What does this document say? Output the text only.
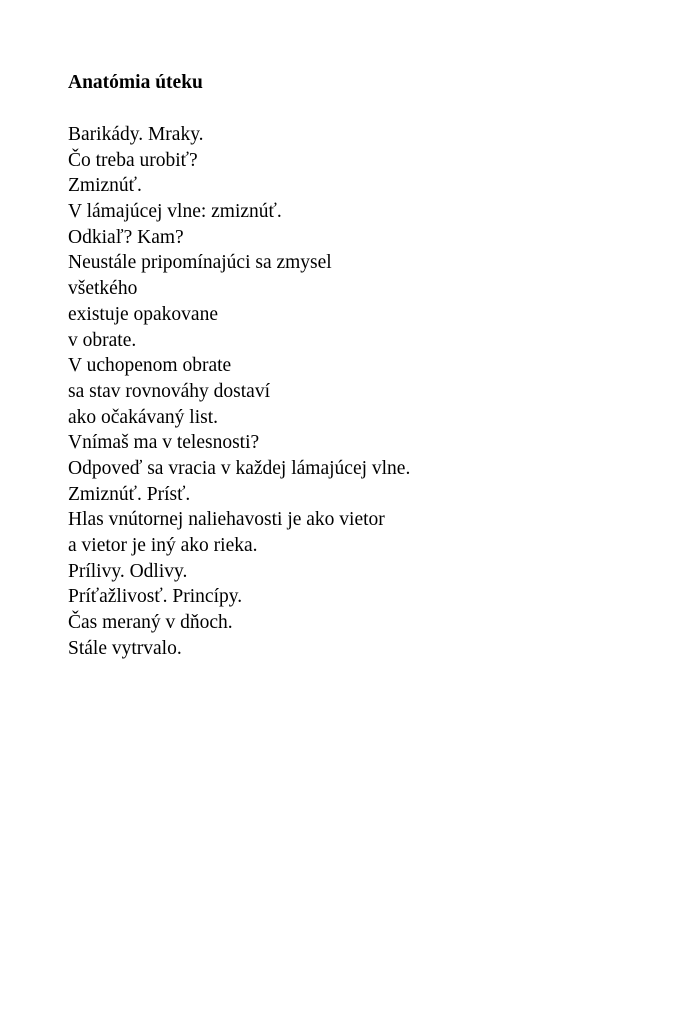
Anatómia úteku
Barikády. Mraky.
Čo treba urobiť?
Zmiznúť.
V lámajúcej vlne: zmiznúť.
Odkiaľ? Kam?
Neustále pripomínajúci sa zmysel
všetkého
existuje opakovane
v obrate.
V uchopenom obrate
sa stav rovnováhy dostaví
ako očakávaný list.
Vnímaš ma v telesnosti?
Odpoveď sa vracia v každej lámajúcej vlne.
Zmiznúť. Prísť.
Hlas vnútornej naliehavosti je ako vietor
a vietor je iný ako rieka.
Prílivy. Odlivy.
Príťažlivosť. Princípy.
Čas meraný v dňoch.
Stále vytrvalo.
